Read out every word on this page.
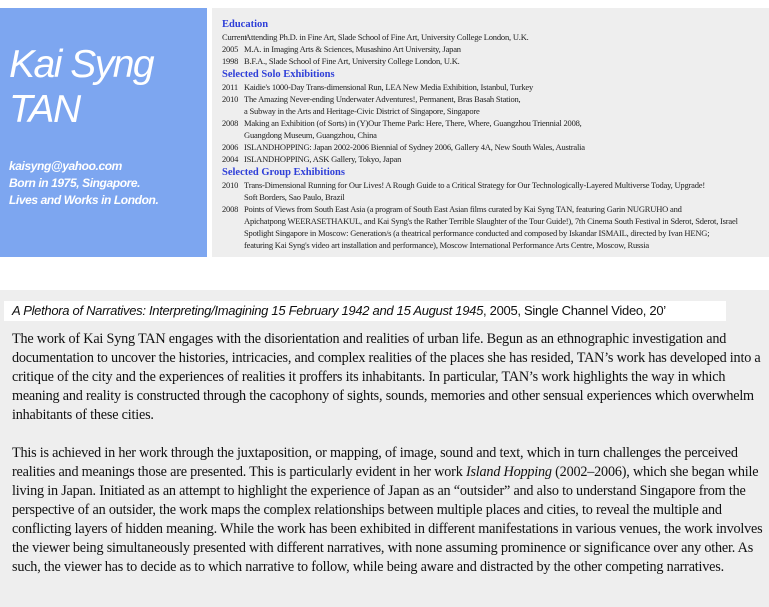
Kai Syng
TAN
kaisyng@yahoo.com
Born in 1975, Singapore.
Lives and Works in London.
Education
Current
Attending Ph.D. in Fine Art, Slade School of Fine Art, University College London, U.K.
2005 M.A. in Imaging Arts & Sciences, Musashino Art University, Japan
1998 B.F.A., Slade School of Fine Art, University College London, U.K.
Selected Solo Exhibitions
2011 Kaidie's 1000-Day Trans-dimensional Run, LEA New Media Exhibition, Istanbul, Turkey
2010 The Amazing Never-ending Underwater Adventures!, Permanent, Bras Basah Station,
a Subway in the Arts and Heritage-Civic District of Singapore, Singapore
2008 Making an Exhibition (of Sorts) in (Y)Our Theme Park: Here, There, Where, Guangzhou Triennial 2008,
Guangdong Museum, Guangzhou, China
2006 ISLANDHOPPING: Japan 2002-2006 Biennial of Sydney 2006, Gallery 4A, New South Wales, Australia
2004 ISLANDHOPPING, ASK Gallery, Tokyo, Japan
Selected Group Exhibitions
2010 Trans-Dimensional Running for Our Lives! A Rough Guide to a Critical Strategy for Our Technologically-Layered Multiverse Today, Upgrade!
Soft Borders, Sao Paulo, Brazil
2008 Points of Views from South East Asia (a program of South East Asian films curated by Kai Syng TAN, featuring Garin NUGRUHO and
Apichatpong WEERASETHAKUL, and Kai Syng's the Rather Terrible Slaughter of the Tour Guide!), 7th Cinema South Festival in Sderot, Sderot, Israel
Spotlight Singapore in Moscow: Generation/s (a theatrical performance conducted and composed by Iskandar ISMAIL, directed by Ivan HENG;
featuring Kai Syng's video art installation and performance), Moscow International Performance Arts Centre, Moscow, Russia
A Plethora of Narratives: Interpreting/Imagining 15 February 1942 and 15 August 1945, 2005, Single Channel Video, 20’

The work of Kai Syng TAN engages with the disorientation and realities of urban life. Begun as an ethnographic investigation and documentation to uncover the histories, intricacies, and complex realities of the places she has resided, TAN’s work has developed into a critique of the city and the experiences of realities it proffers its inhabitants. In particular, TAN’s work highlights the way in which meaning and reality is constructed through the cacophony of sights, sounds, memories and other sensual experiences which overwhelm inhabitants of these cities.

This is achieved in her work through the juxtaposition, or mapping, of image, sound and text, which in turn challenges the perceived realities and meanings those are presented. This is particularly evident in her work Island Hopping (2002–2006), which she began while living in Japan. Initiated as an attempt to highlight the experience of Japan as an “outsider” and also to understand Singapore from the perspective of an outsider, the work maps the complex relationships between multiple places and cities, to reveal the multiple and conflicting layers of hidden meaning. While the work has been exhibited in different manifestations in various venues, the work involves the viewer being simultaneously presented with different narratives, with none assuming prominence or significance over any other. As such, the viewer has to decide as to which narrative to follow, while being aware and distracted by the other competing narratives.
